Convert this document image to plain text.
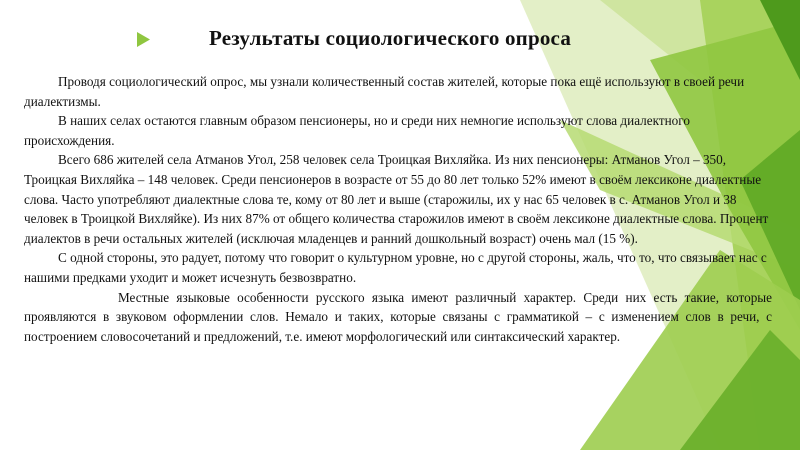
Результаты социологического опроса

Проводя социологический опрос, мы узнали количественный состав жителей, которые пока ещё используют в своей речи диалектизмы.

В наших селах остаются главным образом пенсионеры, но и среди них немногие используют слова диалектного происхождения.

Всего 686 жителей села Атманов Угол, 258 человек села Троицкая Вихляйка. Из них пенсионеры: Атманов Угол – 350, Троицкая Вихляйка – 148 человек. Среди пенсионеров в возрасте от 55 до 80 лет только 52% имеют в своём лексиконе диалектные слова. Часто употребляют диалектные слова те, кому от 80 лет и выше (старожилы, их у нас 65 человек в с. Атманов Угол и 38 человек в Троицкой Вихляйке). Из них 87% от общего количества старожилов имеют в своём лексиконе диалектные слова. Процент диалектов в речи остальных жителей (исключая младенцев и ранний дошкольный возраст) очень мал (15 %).

С одной стороны, это радует, потому что говорит о культурном уровне, но с другой стороны, жаль, что то, что связывает нас с нашими предками уходит и может исчезнуть безвозвратно.

Местные языковые особенности русского языка имеют различный характер. Среди них есть такие, которые проявляются в звуковом оформлении слов. Немало и таких, которые связаны с грамматикой – с изменением слов в речи, с построением словосочетаний и предложений, т.е. имеют морфологический или синтаксический характер.
